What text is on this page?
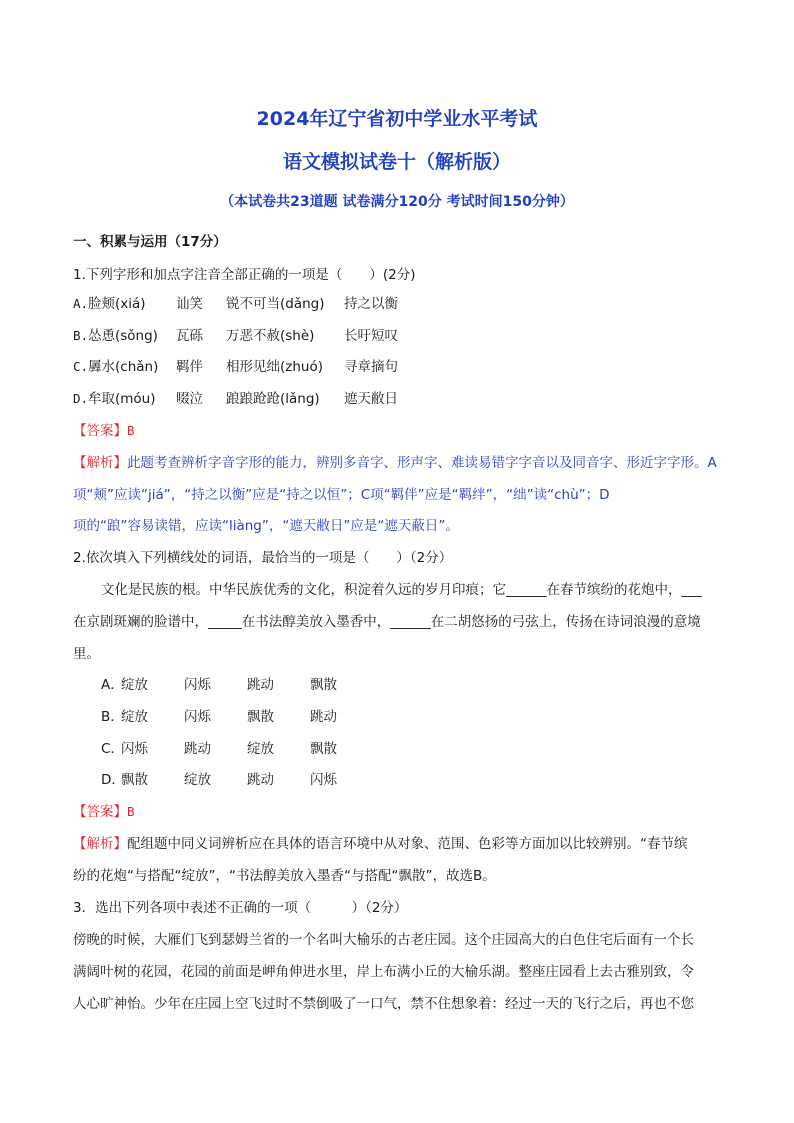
2024年辽宁省初中学业水平考试
语文模拟试卷十（解析版）
（本试卷共23道题 试卷满分120分 考试时间150分钟）
一、积累与运用（17分）
1.下列字形和加点字注音全部正确的一项是（　　）(2分)
A. 脸颊(xiá) 讪笑 锐不可当(dǎng) 持之以衡
B. 怂恿(sǒng) 瓦砾 万恶不赦(shè) 长吁短叹
C. 羼水(chǎn) 羁伴 相形见绌(zhuó) 寻章摘句
D. 牟取(móu) 啜泣 踉踉跄跄(lǎng) 遮天敝日
【答案】B
【解析】此题考查辨析字音字形的能力，辨别多音字、形声字、难读易错字字音以及同音字、形近字字形。A
项“颊”应读“jiá”，“持之以衡”应是“持之以恒”；C项“羁伴”应是“羁绊”，“绌”读“chù”；D
项的“踉”容易读错，应读“liàng”，“遮天敝日”应是“遮天蔽日”。
2.依次填入下列横线处的词语，最恰当的一项是（　　）（2分）
文化是民族的根。中华民族优秀的文化，积淀着久远的岁月印痕；它______在春节缤纷的花炮中，___
在京剧斑斓的脸谱中，_____在书法醇美放入墨香中，______在二胡悠扬的弓弦上，传扬在诗词浪漫的意境
里。
A．
绽放	闪烁	跳动	飘散
B．
绽放	闪烁	飘散	跳动
C．
闪烁	跳动	绽放	飘散
D．
飘散	绽放	跳动	闪烁
【答案】B
【解析】配组题中同义词辨析应在具体的语言环境中从对象、范围、色彩等方面加以比较辨别。“春节缤
纷的花炮“与搭配“绽放”，“书法醇美放入墨香“与搭配“飘散”，故选B。
3．选出下列各项中表述不正确的一项（　　　）（2分）
傍晚的时候，大雁们飞到瑟姆兰省的一个名叫大榆乐的古老庄园。这个庄园高大的白色住宅后面有一个长
满阔叶树的花园，花园的前面是岬角伸进水里，岸上布满小丘的大榆乐湖。整座庄园看上去古雅别致，令
人心旷神怡。少年在庄园上空飞过时不禁倒吸了一口气，禁不住想象着：经过一天的飞行之后，再也不您
